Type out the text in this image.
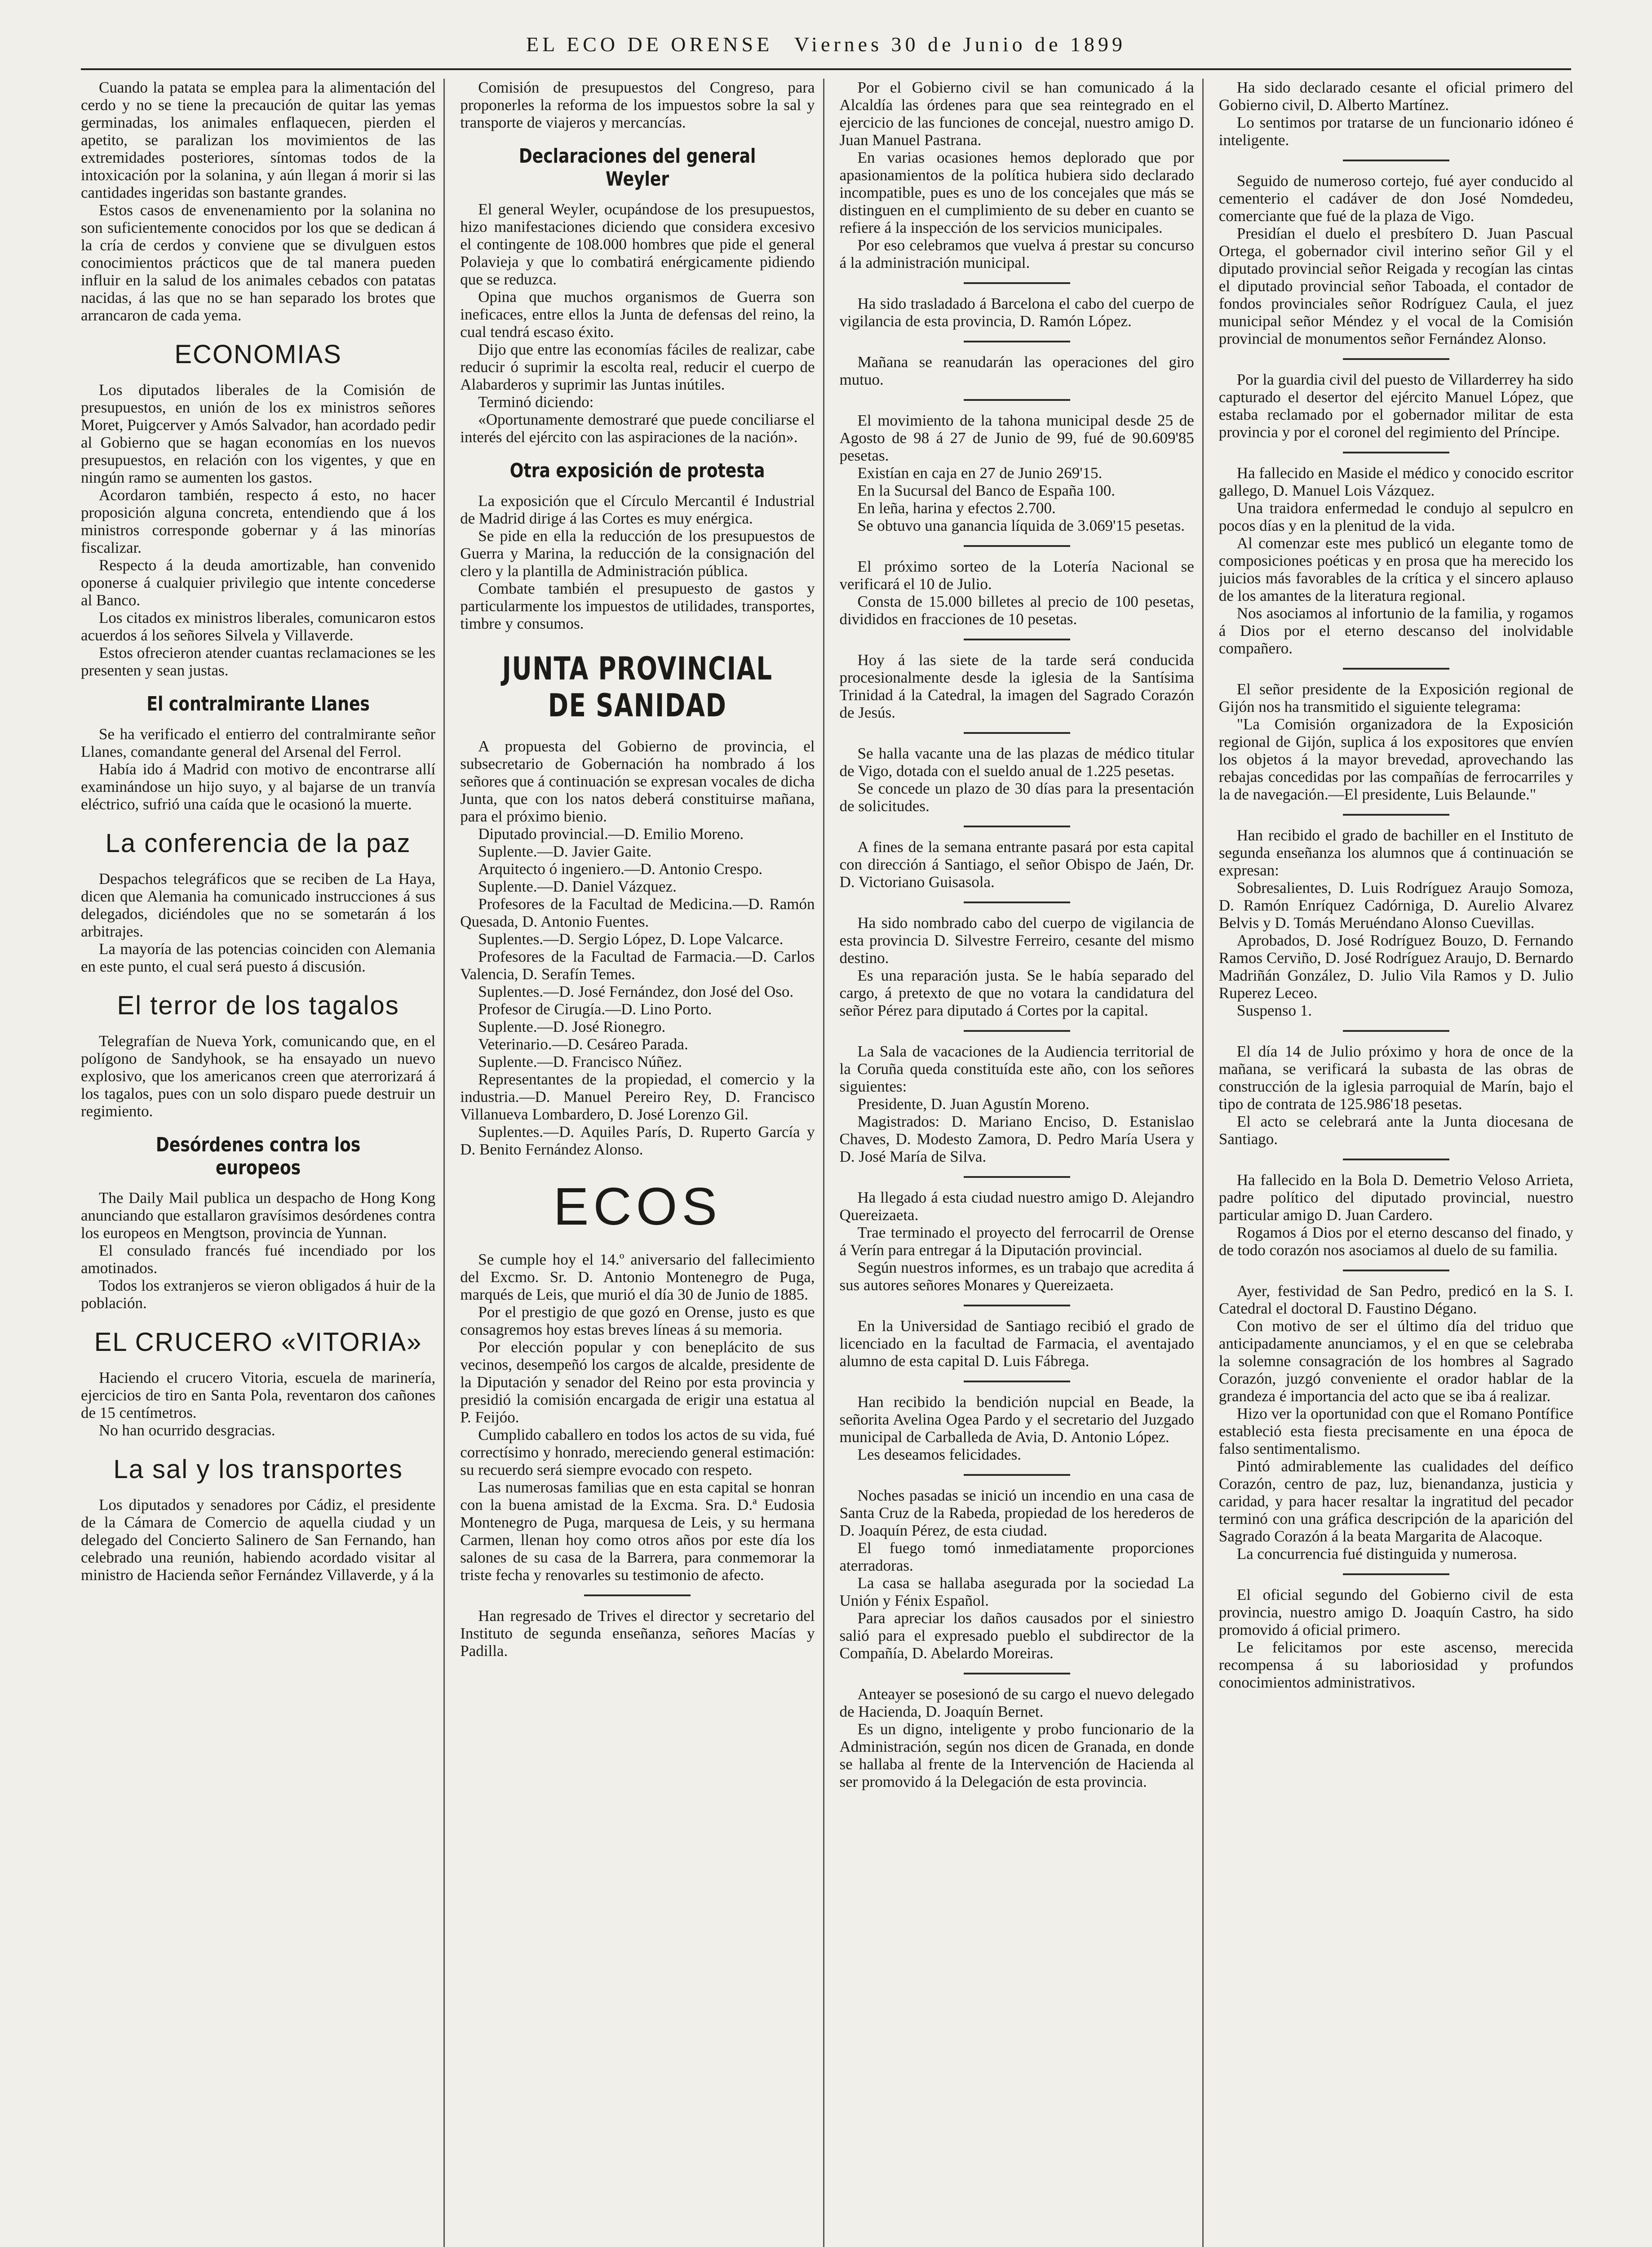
EL ECO DE ORENSE Viernes 30 de Junio de 1899

Cuando la patata se emplea para la alimentación del cerdo y no se tiene la precaución de quitar las yemas germinadas, los animales enflaquecen, pierden el apetito, se paralizan los movimientos de las extremidades posteriores, síntomas todos de la intoxicación por la solanina, y aún llegan á morir si las cantidades ingeridas son bastante grandes.

Estos casos de envenenamiento por la solanina no son suficientemente conocidos por los que se dedican á la cría de cerdos y conviene que se divulguen estos conocimientos prácticos que de tal manera pueden influir en la salud de los animales cebados con patatas nacidas, á las que no se han separado los brotes que arrancaron de cada yema.

ECONOMIAS

Los diputados liberales de la Comisión de presupuestos, en unión de los ex ministros señores Moret, Puigcerver y Amós Salvador, han acordado pedir al Gobierno que se hagan economías en los nuevos presupuestos, en relación con los vigentes, y que en ningún ramo se aumenten los gastos.

Acordaron también, respecto á esto, no hacer proposición alguna concreta, entendiendo que á los ministros corresponde gobernar y á las minorías fiscalizar.

Respecto á la deuda amortizable, han convenido oponerse á cualquier privilegio que intente concederse al Banco.

Los citados ex ministros liberales, comunicaron estos acuerdos á los señores Silvela y Villaverde.

Estos ofrecieron atender cuantas reclamaciones se les presenten y sean justas.

El contralmirante Llanes

Se ha verificado el entierro del contralmirante señor Llanes, comandante general del Arsenal del Ferrol.

Había ido á Madrid con motivo de encontrarse allí examinándose un hijo suyo, y al bajarse de un tranvía eléctrico, sufrió una caída que le ocasionó la muerte.

La conferencia de la paz

Despachos telegráficos que se reciben de La Haya, dicen que Alemania ha comunicado instrucciones á sus delegados, diciéndoles que no se sometarán á los arbitrajes.

La mayoría de las potencias coinciden con Alemania en este punto, el cual será puesto á discusión.

El terror de los tagalos

Telegrafían de Nueva York, comunicando que, en el polígono de Sandyhook, se ha ensayado un nuevo explosivo, que los americanos creen que aterrorizará á los tagalos, pues con un solo disparo puede destruir un regimiento.

Desórdenes contra los europeos

The Daily Mail publica un despacho de Hong Kong anunciando que estallaron gravísimos desórdenes contra los europeos en Mengtson, provincia de Yunnan.

El consulado francés fué incendiado por los amotinados.

Todos los extranjeros se vieron obligados á huir de la población.

EL CRUCERO «VITORIA»

Haciendo el crucero Vitoria, escuela de marinería, ejercicios de tiro en Santa Pola, reventaron dos cañones de 15 centímetros.

No han ocurrido desgracias.

La sal y los transportes

Los diputados y senadores por Cádiz, el presidente de la Cámara de Comercio de aquella ciudad y un delegado del Concierto Salinero de San Fernando, han celebrado una reunión, habiendo acordado visitar al ministro de Hacienda señor Fernández Villaverde, y á la

Comisión de presupuestos del Congreso, para proponerles la reforma de los impuestos sobre la sal y transporte de viajeros y mercancías.

Declaraciones del general Weyler

El general Weyler, ocupándose de los presupuestos, hizo manifestaciones diciendo que considera excesivo el contingente de 108.000 hombres que pide el general Polavieja y que lo combatirá enérgicamente pidiendo que se reduzca.

Opina que muchos organismos de Guerra son ineficaces, entre ellos la Junta de defensas del reino, la cual tendrá escaso éxito.

Dijo que entre las economías fáciles de realizar, cabe reducir ó suprimir la escolta real, reducir el cuerpo de Alabarderos y suprimir las Juntas inútiles.

Terminó diciendo:

«Oportunamente demostraré que puede conciliarse el interés del ejército con las aspiraciones de la nación».

Otra exposición de protesta

La exposición que el Círculo Mercantil é Industrial de Madrid dirige á las Cortes es muy enérgica.

Se pide en ella la reducción de los presupuestos de Guerra y Marina, la reducción de la consignación del clero y la plantilla de Administración pública.

Combate también el presupuesto de gastos y particularmente los impuestos de utilidades, transportes, timbre y consumos.

JUNTA PROVINCIAL DE SANIDAD

A propuesta del Gobierno de provincia, el subsecretario de Gobernación ha nombrado á los señores que á continuación se expresan vocales de dicha Junta, que con los natos deberá constituirse mañana, para el próximo bienio.

Diputado provincial.—D. Emilio Moreno.

Suplente.—D. Javier Gaite.

Arquitecto ó ingeniero.—D. Antonio Crespo.

Suplente.—D. Daniel Vázquez.

Profesores de la Facultad de Medicina.—D. Ramón Quesada, D. Antonio Fuentes.

Suplentes.—D. Sergio López, D. Lope Valcarce.

Profesores de la Facultad de Farmacia.—D. Carlos Valencia, D. Serafín Temes.

Suplentes.—D. José Fernández, don José del Oso.

Profesor de Cirugía.—D. Lino Porto.

Suplente.—D. José Rionegro.

Veterinario.—D. Cesáreo Parada.

Suplente.—D. Francisco Núñez.

Representantes de la propiedad, el comercio y la industria.—D. Manuel Pereiro Rey, D. Francisco Villanueva Lombardero, D. José Lorenzo Gil.

Suplentes.—D. Aquiles París, D. Ruperto García y D. Benito Fernández Alonso.

ECOS

Se cumple hoy el 14.º aniversario del fallecimiento del Excmo. Sr. D. Antonio Montenegro de Puga, marqués de Leis, que murió el día 30 de Junio de 1885.

Por el prestigio de que gozó en Orense, justo es que consagremos hoy estas breves líneas á su memoria.

Por elección popular y con beneplácito de sus vecinos, desempeñó los cargos de alcalde, presidente de la Diputación y senador del Reino por esta provincia y presidió la comisión encargada de erigir una estatua al P. Feijóo.

Cumplido caballero en todos los actos de su vida, fué correctísimo y honrado, mereciendo general estimación: su recuerdo será siempre evocado con respeto.

Las numerosas familias que en esta capital se honran con la buena amistad de la Excma. Sra. D.ª Eudosia Montenegro de Puga, marquesa de Leis, y su hermana Carmen, llenan hoy como otros años por este día los salones de su casa de la Barrera, para conmemorar la triste fecha y renovarles su testimonio de afecto.

Han regresado de Trives el director y secretario del Instituto de segunda enseñanza, señores Macías y Padilla.

Por el Gobierno civil se han comunicado á la Alcaldía las órdenes para que sea reintegrado en el ejercicio de las funciones de concejal, nuestro amigo D. Juan Manuel Pastrana.

En varias ocasiones hemos deplorado que por apasionamientos de la política hubiera sido declarado incompatible, pues es uno de los concejales que más se distinguen en el cumplimiento de su deber en cuanto se refiere á la inspección de los servicios municipales.

Por eso celebramos que vuelva á prestar su concurso á la administración municipal.

Ha sido trasladado á Barcelona el cabo del cuerpo de vigilancia de esta provincia, D. Ramón López.

Mañana se reanudarán las operaciones del giro mutuo.

El movimiento de la tahona municipal desde 25 de Agosto de 98 á 27 de Junio de 99, fué de 90.609'85 pesetas.

Existían en caja en 27 de Junio 269'15.

En la Sucursal del Banco de España 100.

En leña, harina y efectos 2.700.

Se obtuvo una ganancia líquida de 3.069'15 pesetas.

El próximo sorteo de la Lotería Nacional se verificará el 10 de Julio.

Consta de 15.000 billetes al precio de 100 pesetas, divididos en fracciones de 10 pesetas.

Hoy á las siete de la tarde será conducida procesionalmente desde la iglesia de la Santísima Trinidad á la Catedral, la imagen del Sagrado Corazón de Jesús.

Se halla vacante una de las plazas de médico titular de Vigo, dotada con el sueldo anual de 1.225 pesetas.

Se concede un plazo de 30 días para la presentación de solicitudes.

A fines de la semana entrante pasará por esta capital con dirección á Santiago, el señor Obispo de Jaén, Dr. D. Victoriano Guisasola.

Ha sido nombrado cabo del cuerpo de vigilancia de esta provincia D. Silvestre Ferreiro, cesante del mismo destino.

Es una reparación justa. Se le había separado del cargo, á pretexto de que no votara la candidatura del señor Pérez para diputado á Cortes por la capital.

La Sala de vacaciones de la Audiencia territorial de la Coruña queda constituída este año, con los señores siguientes:

Presidente, D. Juan Agustín Moreno.

Magistrados: D. Mariano Enciso, D. Estanislao Chaves, D. Modesto Zamora, D. Pedro María Usera y D. José María de Silva.

Ha llegado á esta ciudad nuestro amigo D. Alejandro Quereizaeta.

Trae terminado el proyecto del ferrocarril de Orense á Verín para entregar á la Diputación provincial.

Según nuestros informes, es un trabajo que acredita á sus autores señores Monares y Quereizaeta.

En la Universidad de Santiago recibió el grado de licenciado en la facultad de Farmacia, el aventajado alumno de esta capital D. Luis Fábrega.

Han recibido la bendición nupcial en Beade, la señorita Avelina Ogea Pardo y el secretario del Juzgado municipal de Carballeda de Avia, D. Antonio López.

Les deseamos felicidades.

Noches pasadas se inició un incendio en una casa de Santa Cruz de la Rabeda, propiedad de los herederos de D. Joaquín Pérez, de esta ciudad.

El fuego tomó inmediatamente proporciones aterradoras.

La casa se hallaba asegurada por la sociedad La Unión y Fénix Español.

Para apreciar los daños causados por el siniestro salió para el expresado pueblo el subdirector de la Compañía, D. Abelardo Moreiras.

Anteayer se posesionó de su cargo el nuevo delegado de Hacienda, D. Joaquín Bernet.

Es un digno, inteligente y probo funcionario de la Administración, según nos dicen de Granada, en donde se hallaba al frente de la Intervención de Hacienda al ser promovido á la Delegación de esta provincia.

Ha sido declarado cesante el oficial primero del Gobierno civil, D. Alberto Martínez.

Lo sentimos por tratarse de un funcionario idóneo é inteligente.

Seguido de numeroso cortejo, fué ayer conducido al cementerio el cadáver de don José Nomdedeu, comerciante que fué de la plaza de Vigo.

Presidían el duelo el presbítero D. Juan Pascual Ortega, el gobernador civil interino señor Gil y el diputado provincial señor Reigada y recogían las cintas el diputado provincial señor Taboada, el contador de fondos provinciales señor Rodríguez Caula, el juez municipal señor Méndez y el vocal de la Comisión provincial de monumentos señor Fernández Alonso.

Por la guardia civil del puesto de Villarderrey ha sido capturado el desertor del ejército Manuel López, que estaba reclamado por el gobernador militar de esta provincia y por el coronel del regimiento del Príncipe.

Ha fallecido en Maside el médico y conocido escritor gallego, D. Manuel Lois Vázquez.

Una traidora enfermedad le condujo al sepulcro en pocos días y en la plenitud de la vida.

Al comenzar este mes publicó un elegante tomo de composiciones poéticas y en prosa que ha merecido los juicios más favorables de la crítica y el sincero aplauso de los amantes de la literatura regional.

Nos asociamos al infortunio de la familia, y rogamos á Dios por el eterno descanso del inolvidable compañero.

El señor presidente de la Exposición regional de Gijón nos ha transmitido el siguiente telegrama:

"La Comisión organizadora de la Exposición regional de Gijón, suplica á los expositores que envíen los objetos á la mayor brevedad, aprovechando las rebajas concedidas por las compañías de ferrocarriles y la de navegación.—El presidente, Luis Belaunde."

Han recibido el grado de bachiller en el Instituto de segunda enseñanza los alumnos que á continuación se expresan:

Sobresalientes, D. Luis Rodríguez Araujo Somoza, D. Ramón Enríquez Cadórniga, D. Aurelio Alvarez Belvis y D. Tomás Meruéndano Alonso Cuevillas.

Aprobados, D. José Rodríguez Bouzo, D. Fernando Ramos Cerviño, D. José Rodríguez Araujo, D. Bernardo Madriñán González, D. Julio Vila Ramos y D. Julio Ruperez Leceo.

Suspenso 1.

El día 14 de Julio próximo y hora de once de la mañana, se verificará la subasta de las obras de construcción de la iglesia parroquial de Marín, bajo el tipo de contrata de 125.986'18 pesetas.

El acto se celebrará ante la Junta diocesana de Santiago.

Ha fallecido en la Bola D. Demetrio Veloso Arrieta, padre político del diputado provincial, nuestro particular amigo D. Juan Cardero.

Rogamos á Dios por el eterno descanso del finado, y de todo corazón nos asociamos al duelo de su familia.

Ayer, festividad de San Pedro, predicó en la S. I. Catedral el doctoral D. Faustino Dégano.

Con motivo de ser el último día del triduo que anticipadamente anunciamos, y el en que se celebraba la solemne consagración de los hombres al Sagrado Corazón, juzgó conveniente el orador hablar de la grandeza é importancia del acto que se iba á realizar.

Hizo ver la oportunidad con que el Romano Pontífice estableció esta fiesta precisamente en una época de falso sentimentalismo.

Pintó admirablemente las cualidades del deífico Corazón, centro de paz, luz, bienandanza, justicia y caridad, y para hacer resaltar la ingratitud del pecador terminó con una gráfica descripción de la aparición del Sagrado Corazón á la beata Margarita de Alacoque.

La concurrencia fué distinguida y numerosa.

El oficial segundo del Gobierno civil de esta provincia, nuestro amigo D. Joaquín Castro, ha sido promovido á oficial primero.

Le felicitamos por este ascenso, merecida recompensa á su laboriosidad y profundos conocimientos administrativos.
